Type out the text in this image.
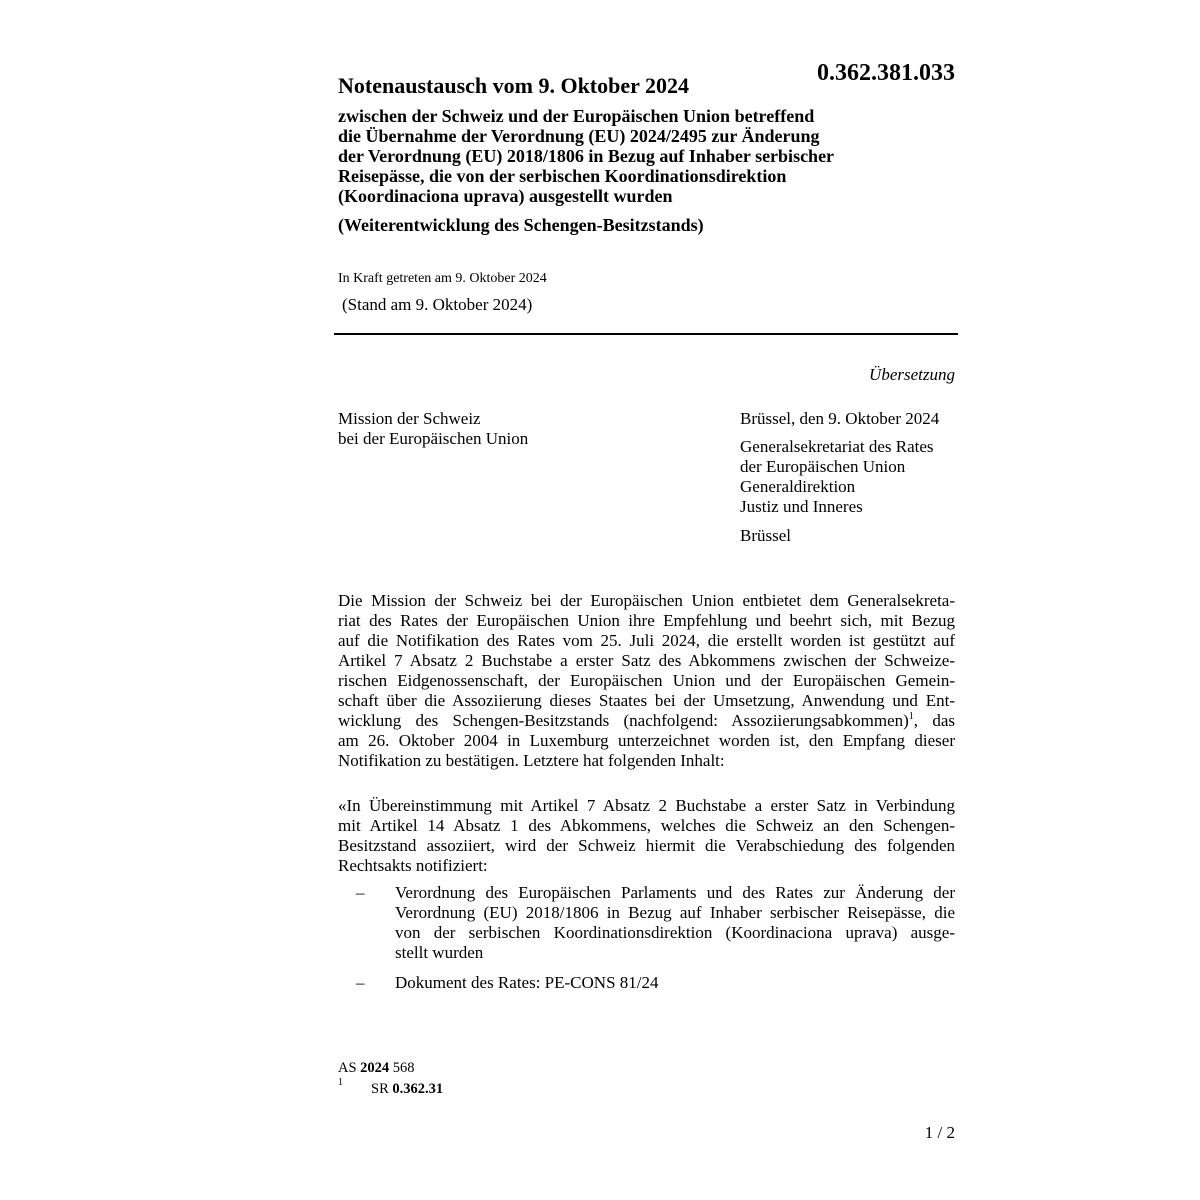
Notenaustausch vom 9. Oktober 2024	0.362.381.033
zwischen der Schweiz und der Europäischen Union betreffend
die Übernahme der Verordnung (EU) 2024/2495 zur Änderung
der Verordnung (EU) 2018/1806 in Bezug auf Inhaber serbischer
Reisepässe, die von der serbischen Koordinationsdirektion
(Koordinaciona uprava) ausgestellt wurden
(Weiterentwicklung des Schengen-Besitzstands)
In Kraft getreten am 9. Oktober 2024
(Stand am 9. Oktober 2024)
Übersetzung
Mission der Schweiz
bei der Europäischen Union
Brüssel, den 9. Oktober 2024
Generalsekretariat des Rates
der Europäischen Union
Generaldirektion
Justiz und Inneres
Brüssel
Die Mission der Schweiz bei der Europäischen Union entbietet dem Generalsekreta-
riat des Rates der Europäischen Union ihre Empfehlung und beehrt sich, mit Bezug
auf die Notifikation des Rates vom 25. Juli 2024, die erstellt worden ist gestützt auf
Artikel 7 Absatz 2 Buchstabe a erster Satz des Abkommens zwischen der Schweize-
rischen Eidgenossenschaft, der Europäischen Union und der Europäischen Gemein-
schaft über die Assoziierung dieses Staates bei der Umsetzung, Anwendung und Ent-
wicklung des Schengen-Besitzstands (nachfolgend: Assoziierungsabkommen)$^1$, das
am 26. Oktober 2004 in Luxemburg unterzeichnet worden ist, den Empfang dieser
Notifikation zu bestätigen. Letztere hat folgenden Inhalt:
«In Übereinstimmung mit Artikel 7 Absatz 2 Buchstabe a erster Satz in Verbindung
mit Artikel 14 Absatz 1 des Abkommens, welches die Schweiz an den Schengen-
Besitzstand assoziiert, wird der Schweiz hiermit die Verabschiedung des folgenden
Rechtsakts notifiziert:
– Verordnung des Europäischen Parlaments und des Rates zur Änderung der
Verordnung (EU) 2018/1806 in Bezug auf Inhaber serbischer Reisepässe, die
von der serbischen Koordinationsdirektion (Koordinaciona uprava) ausge-
stellt wurden
– Dokument des Rates: PE-CONS 81/24
AS 2024 568
1 SR 0.362.31
1 / 2
